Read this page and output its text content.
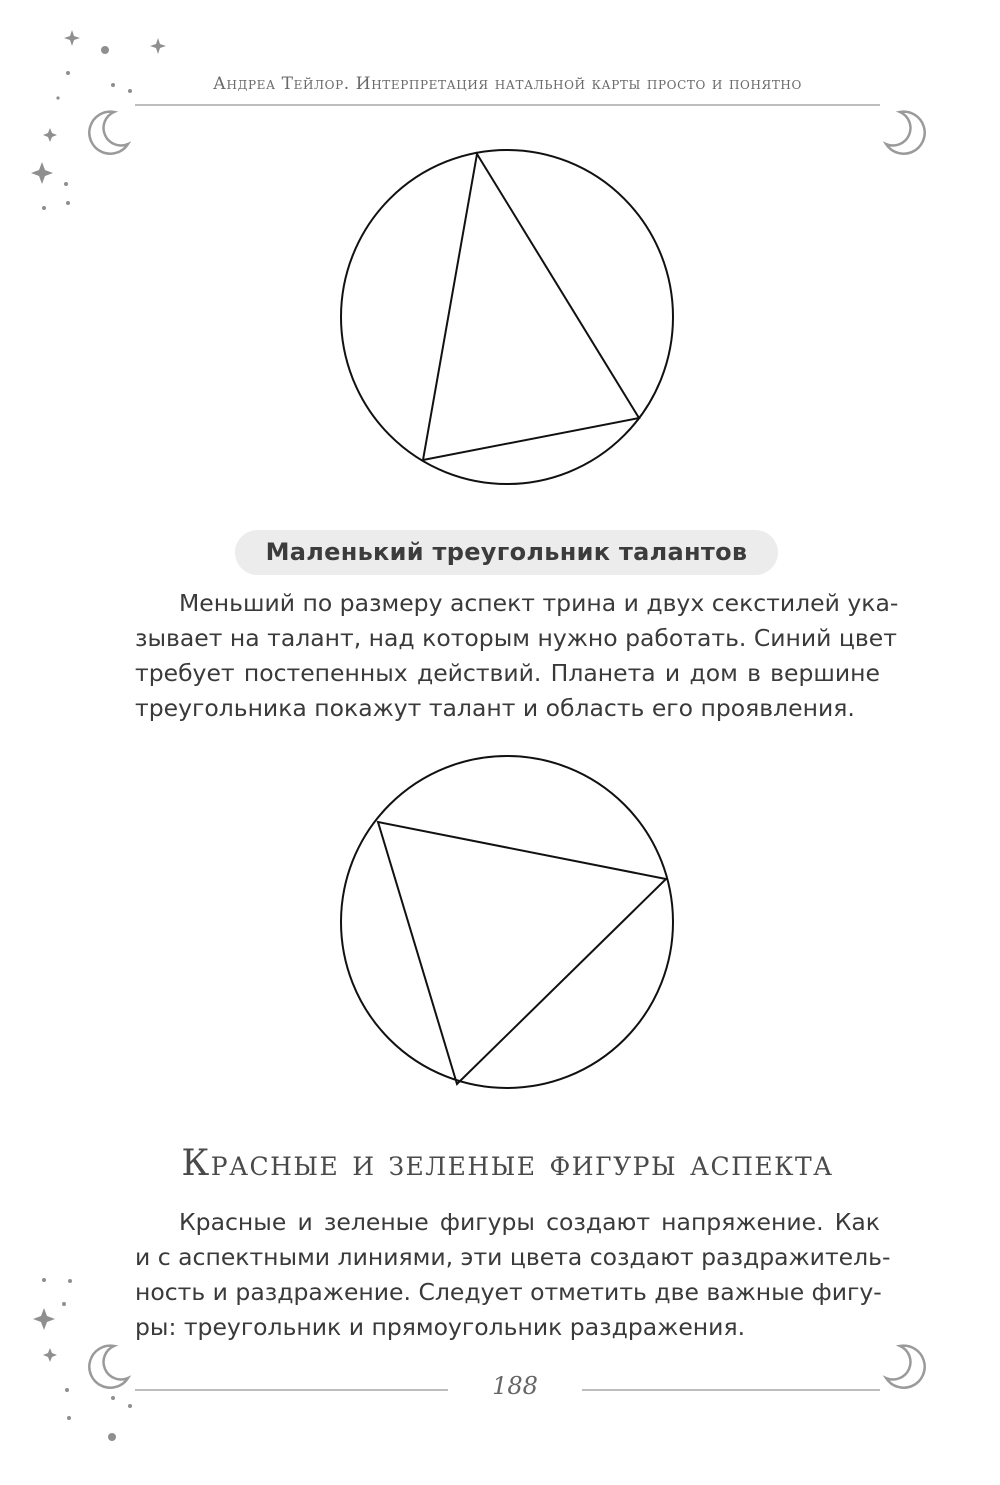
Андреа Тейлор. Интерпретация натальной карты просто и понятно
Маленький треугольник талантов
Меньший по размеру аспект трина и двух секстилей ука-
зывает на талант, над которым нужно работать. Синий цвет
требует постепенных действий. Планета и дом в вершине
треугольника покажут талант и область его проявления.
Красные и зеленые фигуры аспекта
Красные и зеленые фигуры создают напряжение. Как
и с аспектными линиями, эти цвета создают раздражитель-
ность и раздражение. Следует отметить две важные фигу-
ры: треугольник и прямоугольник раздражения.
188
